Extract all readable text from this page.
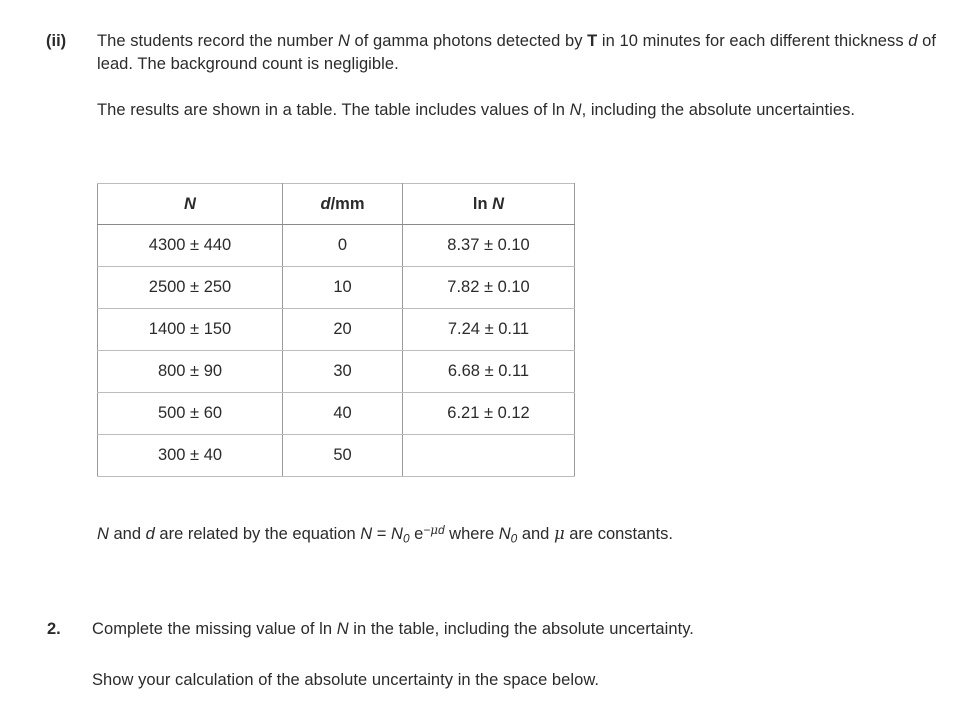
(ii)	The students record the number N of gamma photons detected by T in 10 minutes for each different thickness d of lead. The background count is negligible.
The results are shown in a table. The table includes values of ln N, including the absolute uncertainties.
N	d/mm	ln N
4300 ± 440	0	8.37 ± 0.10
2500 ± 250	10	7.82 ± 0.10
1400 ± 150	20	7.24 ± 0.11
800 ± 90	30	6.68 ± 0.11
500 ± 60	40	6.21 ± 0.12
300 ± 40	50	
N and d are related by the equation $N = N_0$ $e^{-\mu d}$ where $N_0$ and μ are constants.
2.	Complete the missing value of ln N in the table, including the absolute uncertainty.
Show your calculation of the absolute uncertainty in the space below.
